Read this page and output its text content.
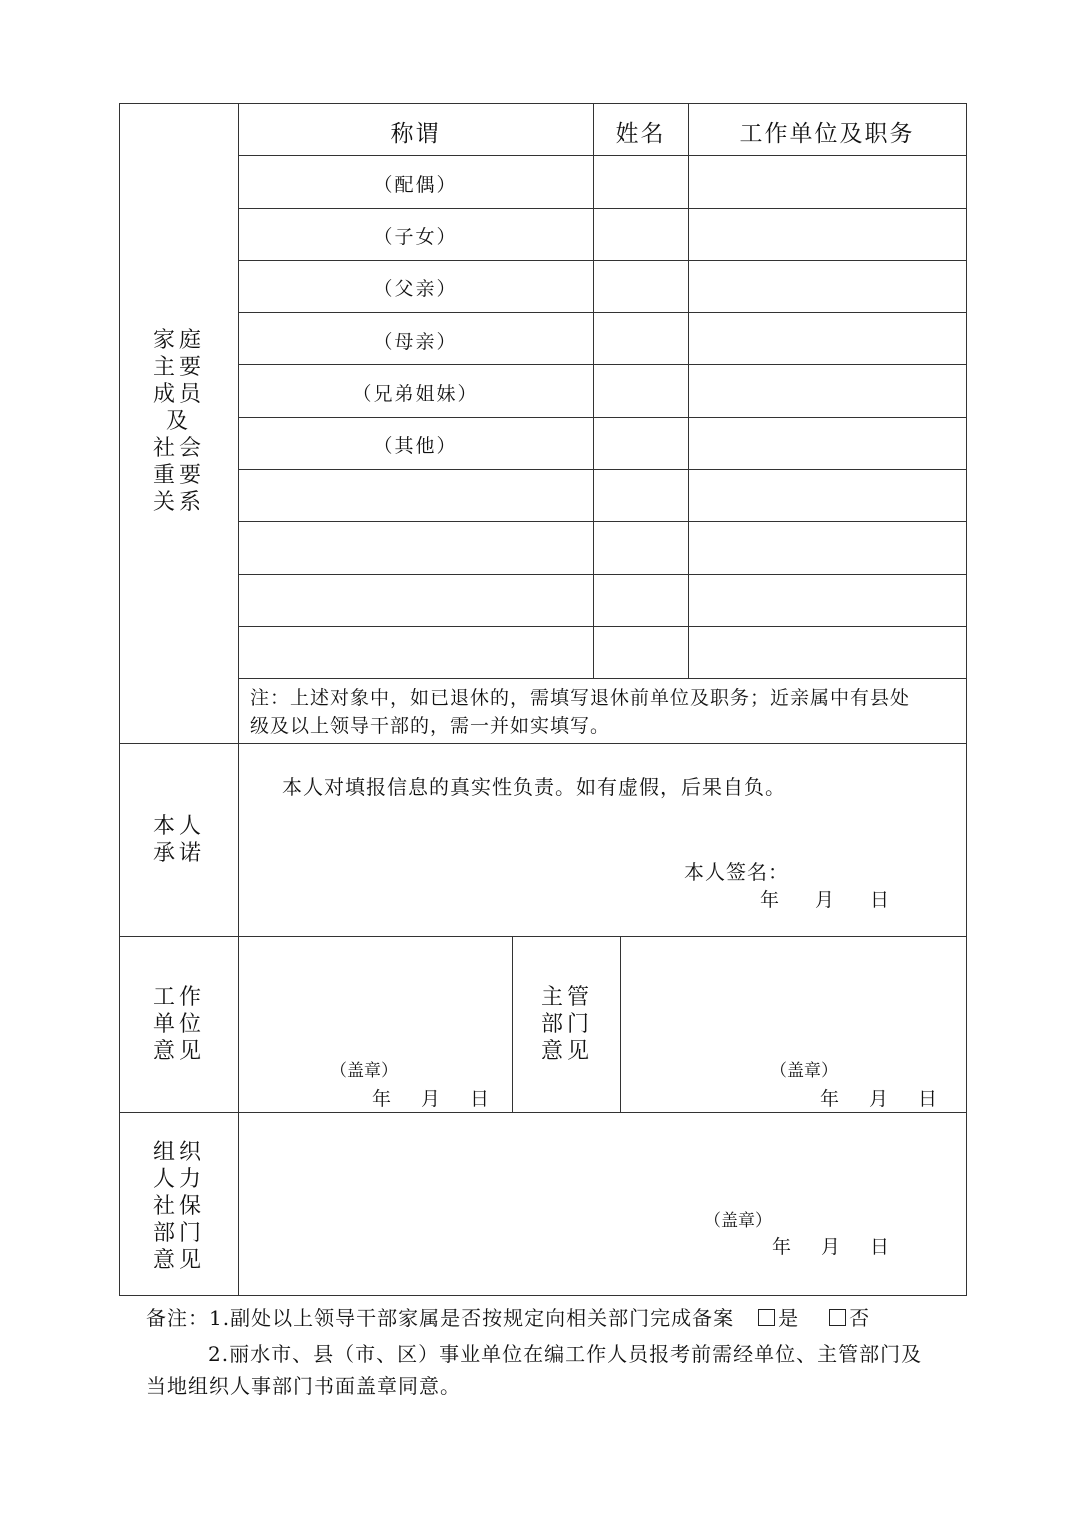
家庭
主要
成员
及
社会
重要
关系
称谓	姓名	工作单位及职务
（配偶）
（子女）
（父亲）
（母亲）
（兄弟姐妹）
（其他）
注：上述对象中，如已退休的，需填写退休前单位及职务；近亲属中有县处
级及以上领导干部的，需一并如实填写。
本人
承诺
本人对填报信息的真实性负责。如有虚假，后果自负。
本人签名：
年 月 日
工作
单位
意见
（盖章）
年 月 日
主管
部门
意见
（盖章）
年 月 日
组织
人力
社保
部门
意见
（盖章）
年 月 日
备注：1.副处以上领导干部家属是否按规定向相关部门完成备案 是	否
2.丽水市、县（市、区）事业单位在编工作人员报考前需经单位、主管部门及
当地组织人事部门书面盖章同意。
